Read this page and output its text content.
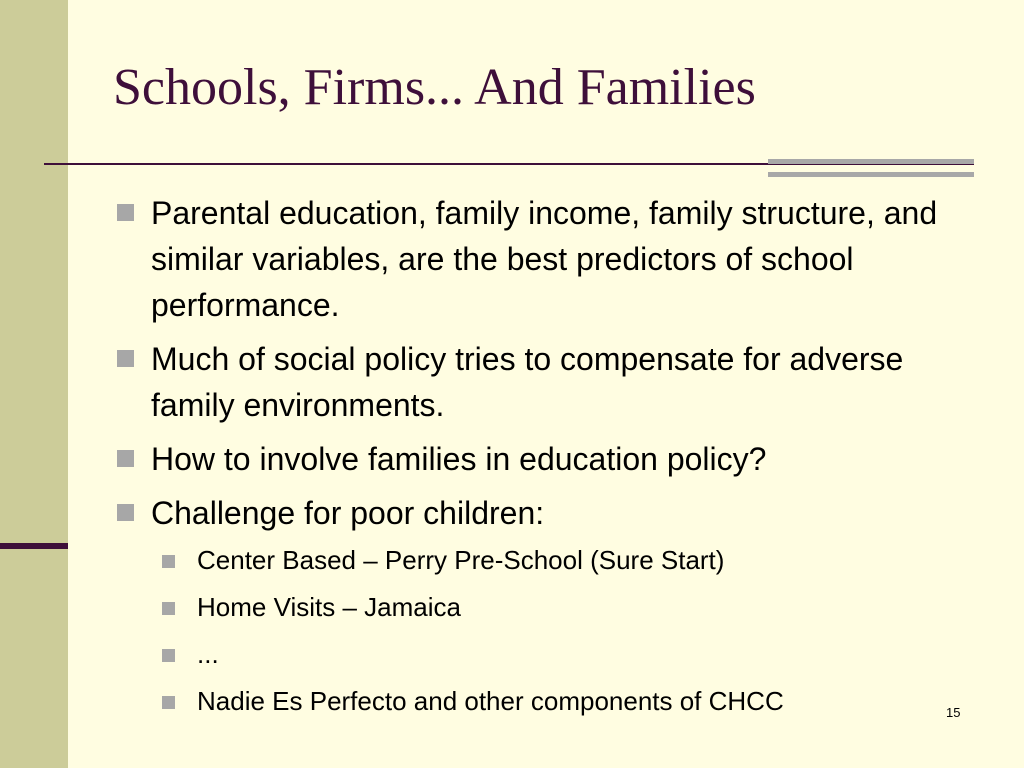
Schools, Firms... And Families
Parental education, family income, family structure, and similar variables, are the best predictors of school performance.
Much of social policy tries to compensate for adverse family environments.
How to involve families in education policy?
Challenge for poor children:
Center Based – Perry Pre-School (Sure Start)
Home Visits – Jamaica
...
Nadie Es Perfecto and other components of CHCC	15
